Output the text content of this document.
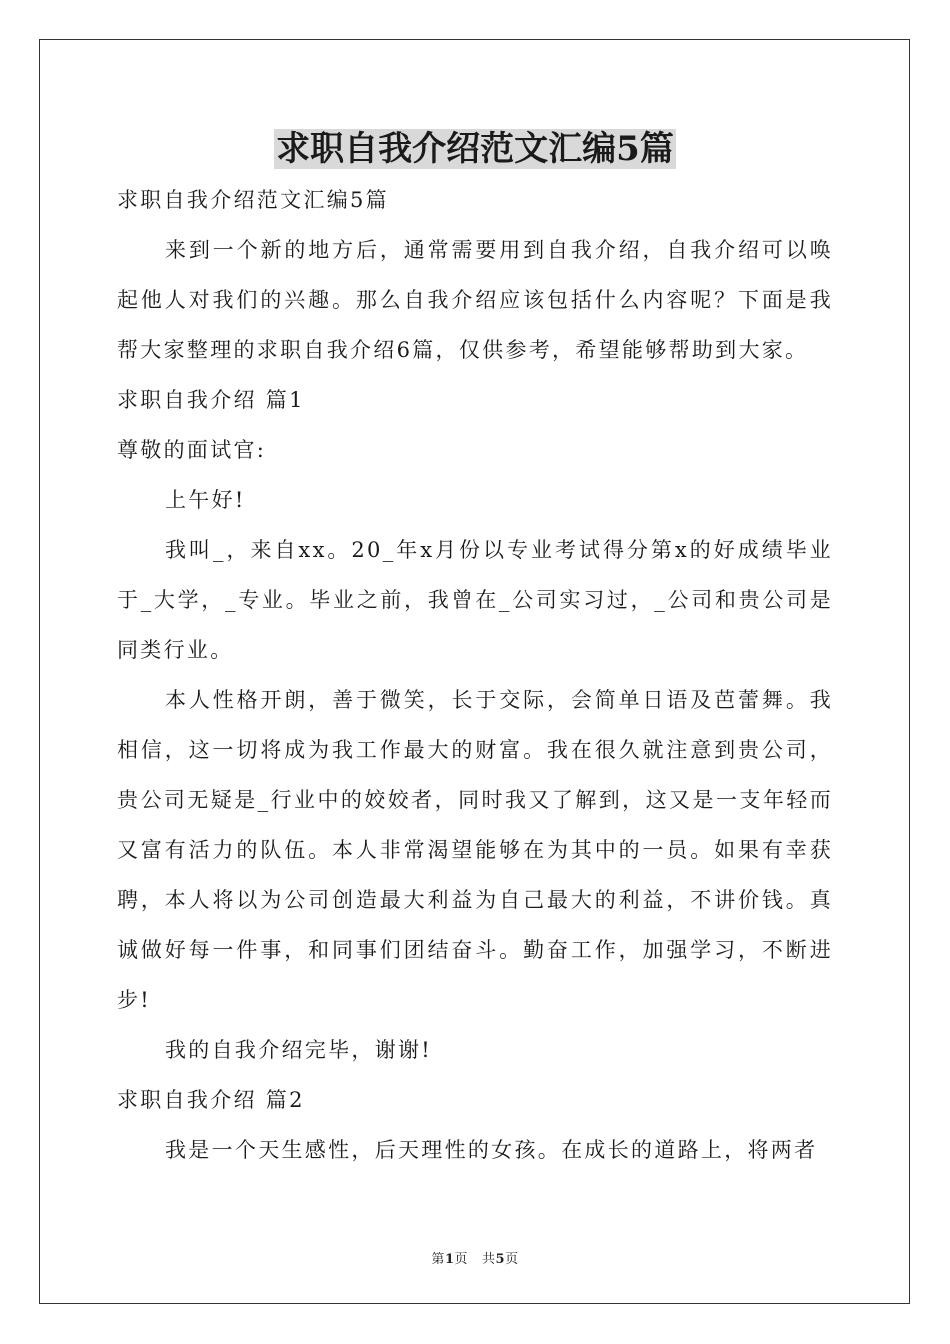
求职自我介绍范文汇编5篇

求职自我介绍范文汇编5篇

来到一个新的地方后，通常需要用到自我介绍，自我介绍可以唤起他人对我们的兴趣。那么自我介绍应该包括什么内容呢？下面是我帮大家整理的求职自我介绍6篇，仅供参考，希望能够帮助到大家。

求职自我介绍 篇1

尊敬的面试官:

上午好!

我叫_，来自xx。20_年x月份以专业考试得分第x的好成绩毕业于_大学，_专业。毕业之前，我曾在_公司实习过，_公司和贵公司是同类行业。

本人性格开朗，善于微笑，长于交际，会简单日语及芭蕾舞。我相信，这一切将成为我工作最大的财富。我在很久就注意到贵公司，贵公司无疑是_行业中的姣姣者，同时我又了解到，这又是一支年轻而又富有活力的队伍。本人非常渴望能够在为其中的一员。如果有幸获聘，本人将以为公司创造最大利益为自己最大的利益，不讲价钱。真诚做好每一件事，和同事们团结奋斗。勤奋工作，加强学习，不断进步!

我的自我介绍完毕，谢谢!

求职自我介绍 篇2

我是一个天生感性，后天理性的女孩。在成长的道路上，将两者

第1页 共5页
